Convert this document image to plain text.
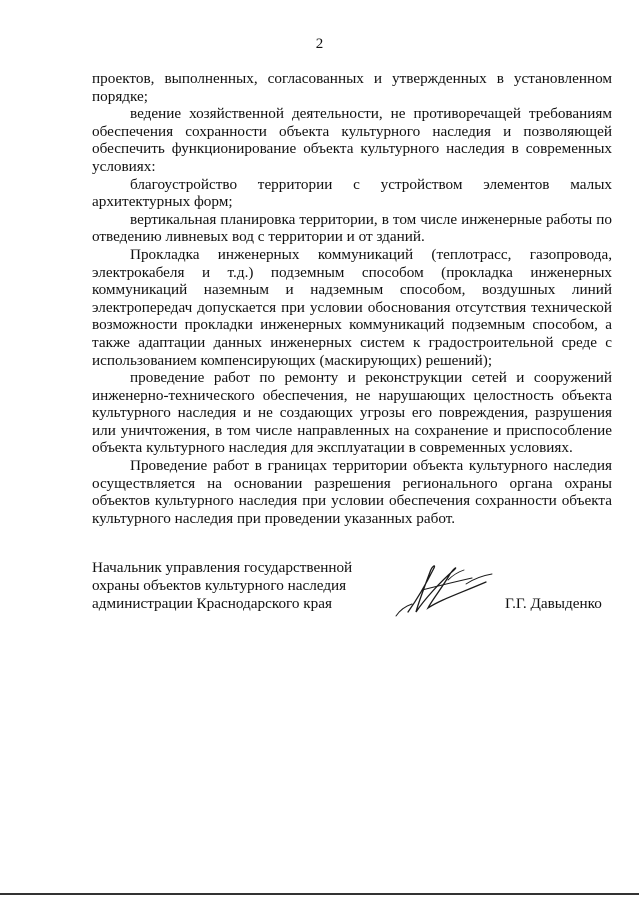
2

проектов, выполненных, согласованных и утвержденных в установленном порядке;

ведение хозяйственной деятельности, не противоречащей требованиям обеспечения сохранности объекта культурного наследия и позволяющей обеспечить функционирование объекта культурного наследия в современных условиях:

благоустройство территории с устройством элементов малых архитектурных форм;

вертикальная планировка территории, в том числе инженерные работы по отведению ливневых вод с территории и от зданий.

Прокладка инженерных коммуникаций (теплотрасс, газопровода, электрокабеля и т.д.) подземным способом (прокладка инженерных коммуникаций наземным и надземным способом, воздушных линий электропередач допускается при условии обоснования отсутствия технической возможности прокладки инженерных коммуникаций подземным способом, а также адаптации данных инженерных систем к градостроительной среде с использованием компенсирующих (маскирующих) решений);

проведение работ по ремонту и реконструкции сетей и сооружений инженерно-технического обеспечения, не нарушающих целостность объекта культурного наследия и не создающих угрозы его повреждения, разрушения или уничтожения, в том числе направленных на сохранение и приспособление объекта культурного наследия для эксплуатации в современных условиях.

Проведение работ в границах территории объекта культурного наследия осуществляется на основании разрешения регионального органа охраны объектов культурного наследия при условии обеспечения сохранности объекта культурного наследия при проведении указанных работ.

Начальник управления государственной
охраны объектов культурного наследия
администрации Краснодарского края	Г.Г. Давыденко
